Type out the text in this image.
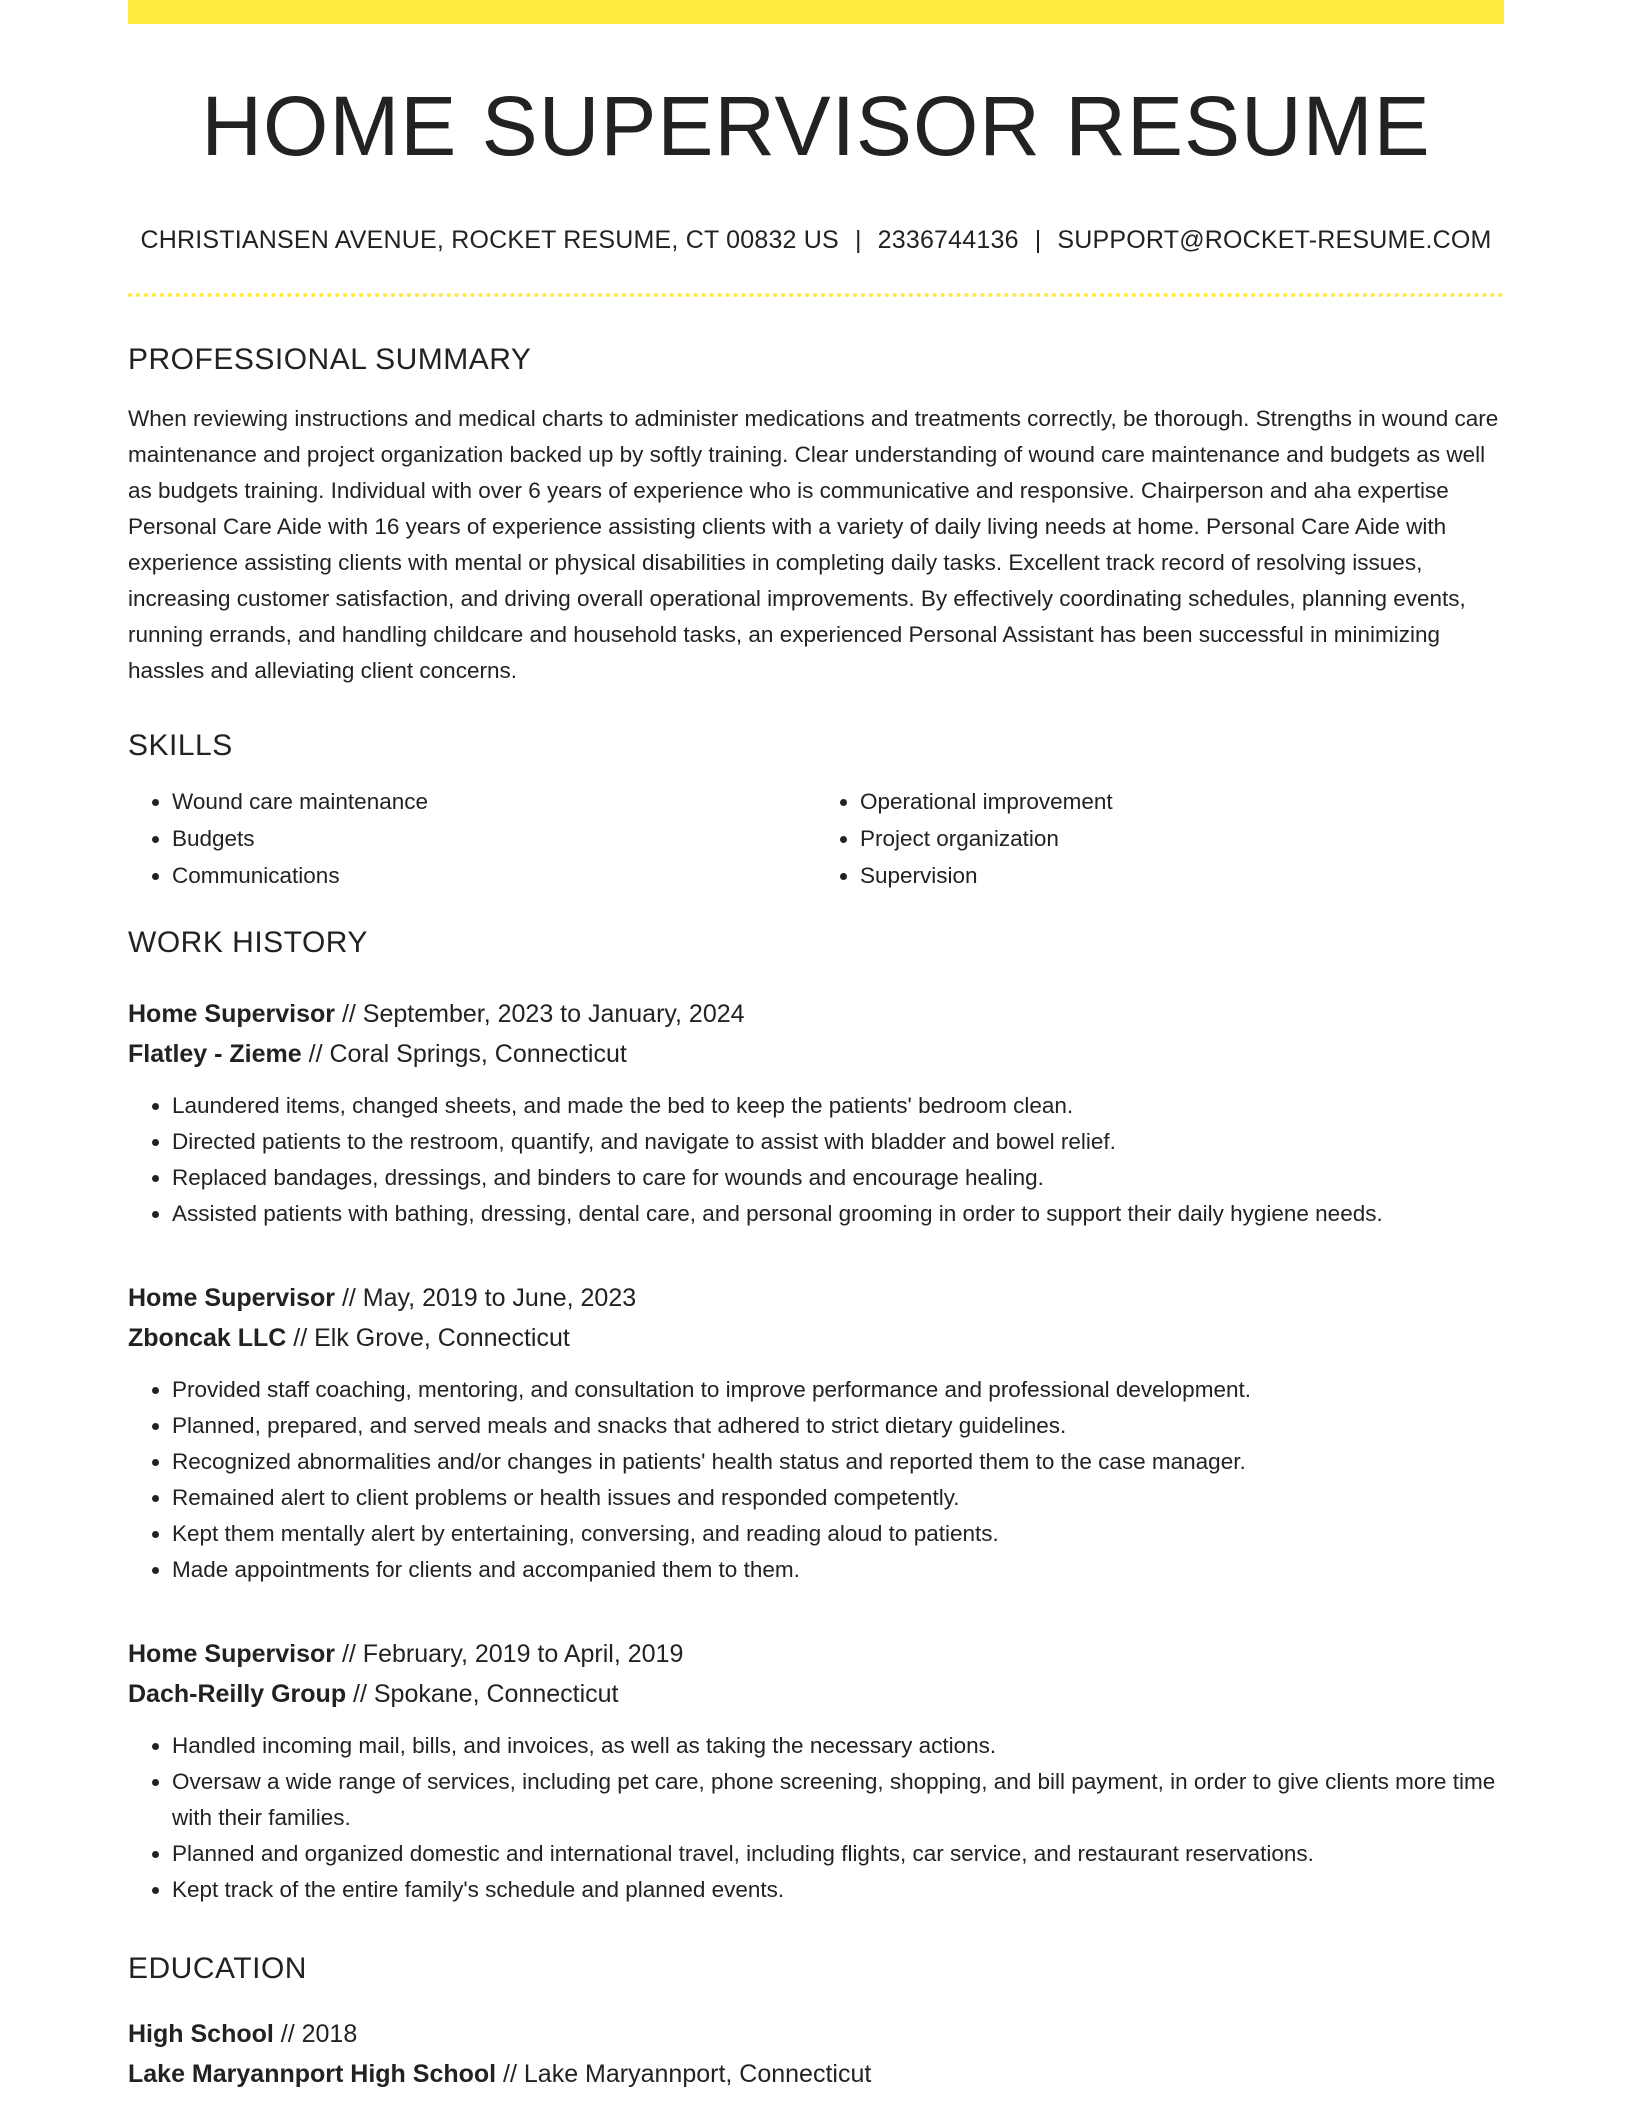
HOME SUPERVISOR RESUME
CHRISTIANSEN AVENUE, ROCKET RESUME, CT 00832 US | 2336744136 | SUPPORT@ROCKET-RESUME.COM
PROFESSIONAL SUMMARY

When reviewing instructions and medical charts to administer medications and treatments correctly, be thorough. Strengths in wound care maintenance and project organization backed up by softly training. Clear understanding of wound care maintenance and budgets as well as budgets training. Individual with over 6 years of experience who is communicative and responsive. Chairperson and aha expertise Personal Care Aide with 16 years of experience assisting clients with a variety of daily living needs at home. Personal Care Aide with experience assisting clients with mental or physical disabilities in completing daily tasks. Excellent track record of resolving issues, increasing customer satisfaction, and driving overall operational improvements. By effectively coordinating schedules, planning events, running errands, and handling childcare and household tasks, an experienced Personal Assistant has been successful in minimizing hassles and alleviating client concerns.

SKILLS
• Wound care maintenance
• Budgets
• Communications
• Operational improvement
• Project organization
• Supervision
WORK HISTORY
Home Supervisor // September, 2023 to January, 2024
Flatley - Zieme // Coral Springs, Connecticut
• Laundered items, changed sheets, and made the bed to keep the patients' bedroom clean.
• Directed patients to the restroom, quantify, and navigate to assist with bladder and bowel relief.
• Replaced bandages, dressings, and binders to care for wounds and encourage healing.
• Assisted patients with bathing, dressing, dental care, and personal grooming in order to support their daily hygiene needs.
Home Supervisor // May, 2019 to June, 2023
Zboncak LLC // Elk Grove, Connecticut
• Provided staff coaching, mentoring, and consultation to improve performance and professional development.
• Planned, prepared, and served meals and snacks that adhered to strict dietary guidelines.
• Recognized abnormalities and/or changes in patients' health status and reported them to the case manager.
• Remained alert to client problems or health issues and responded competently.
• Kept them mentally alert by entertaining, conversing, and reading aloud to patients.
• Made appointments for clients and accompanied them to them.
Home Supervisor // February, 2019 to April, 2019
Dach-Reilly Group // Spokane, Connecticut
• Handled incoming mail, bills, and invoices, as well as taking the necessary actions.
• Oversaw a wide range of services, including pet care, phone screening, shopping, and bill payment, in order to give clients more time with their families.
• Planned and organized domestic and international travel, including flights, car service, and restaurant reservations.
• Kept track of the entire family's schedule and planned events.
EDUCATION
High School // 2018
Lake Maryannport High School // Lake Maryannport, Connecticut
